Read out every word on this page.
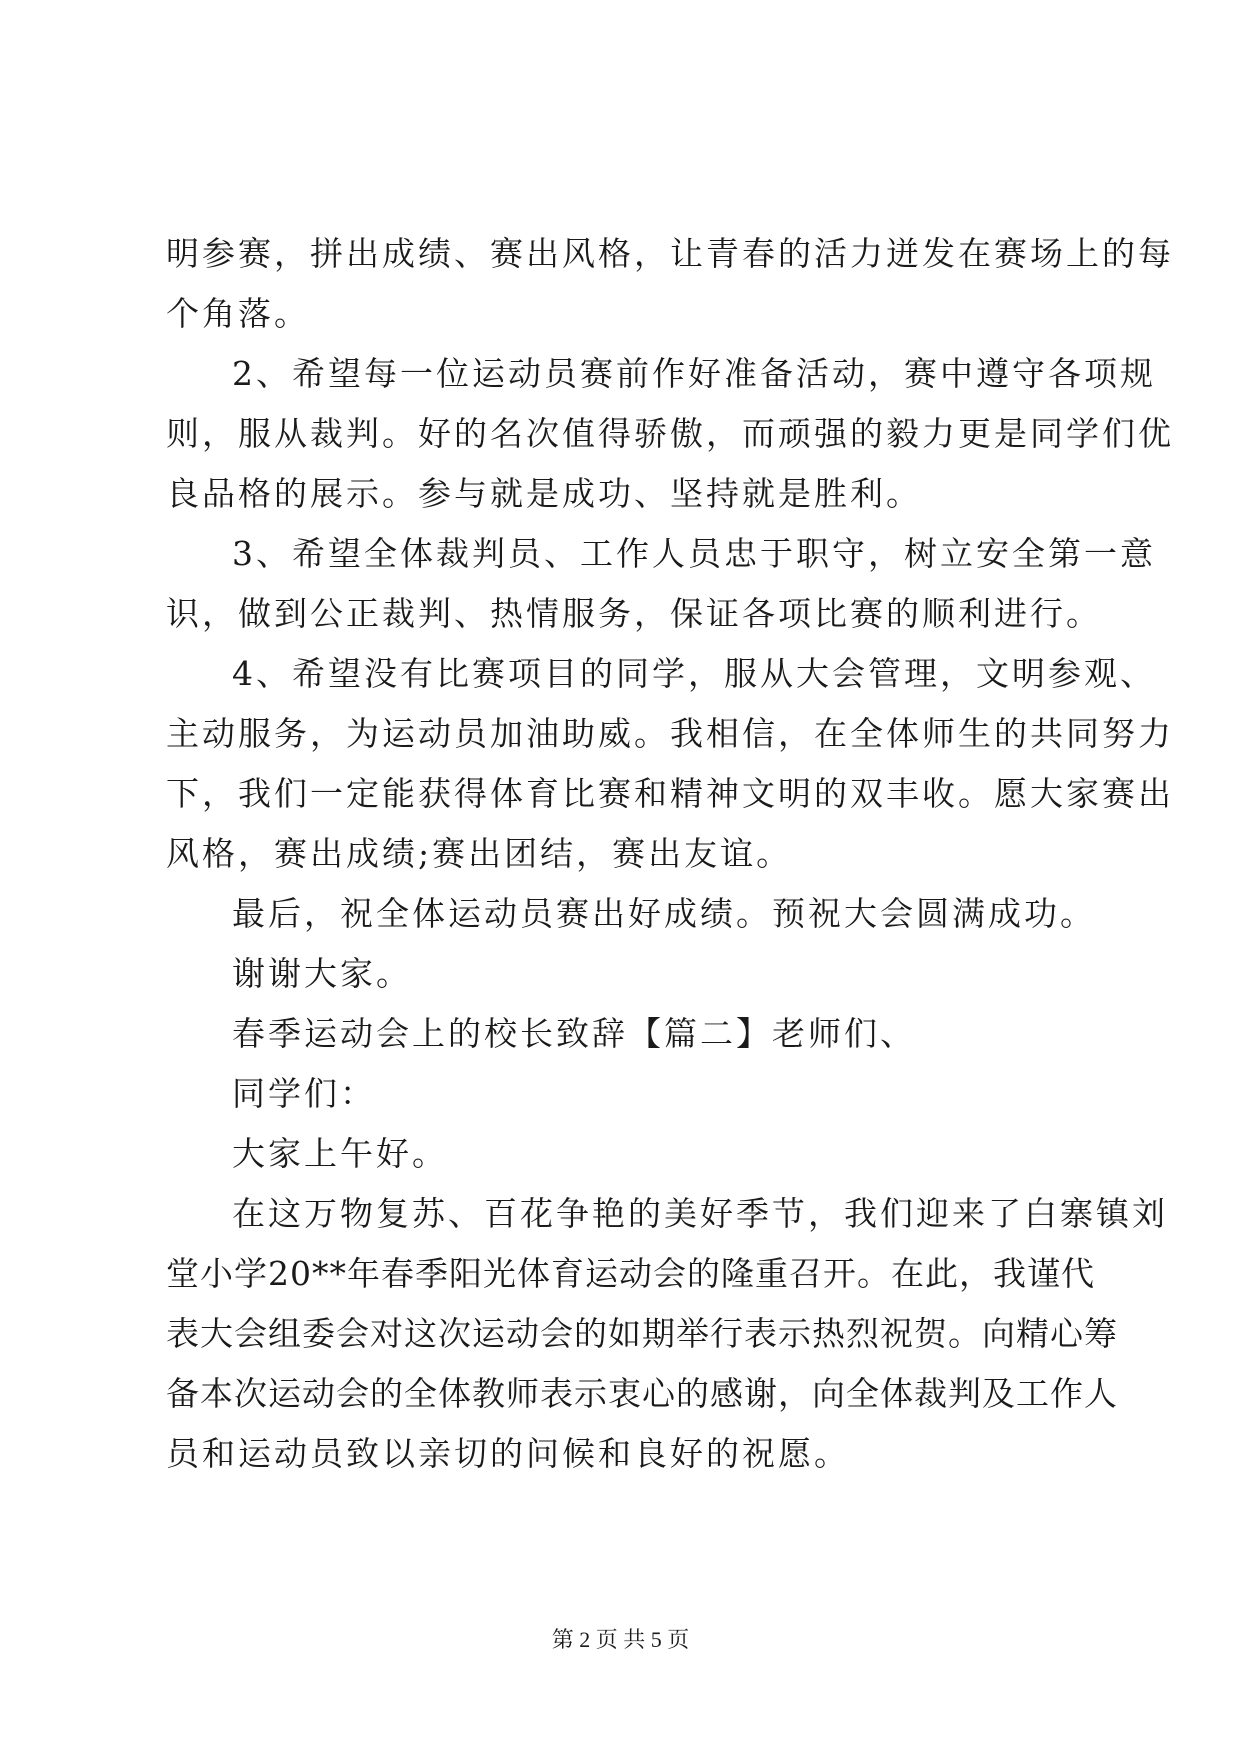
明参赛，拼出成绩、赛出风格，让青春的活力迸发在赛场上的每
个角落。
2、希望每一位运动员赛前作好准备活动，赛中遵守各项规
则，服从裁判。好的名次值得骄傲，而顽强的毅力更是同学们优
良品格的展示。参与就是成功、坚持就是胜利。
3、希望全体裁判员、工作人员忠于职守，树立安全第一意
识，做到公正裁判、热情服务，保证各项比赛的顺利进行。
4、希望没有比赛项目的同学，服从大会管理，文明参观、
主动服务，为运动员加油助威。我相信，在全体师生的共同努力
下，我们一定能获得体育比赛和精神文明的双丰收。愿大家赛出
风格，赛出成绩;赛出团结，赛出友谊。
最后，祝全体运动员赛出好成绩。预祝大会圆满成功。
谢谢大家。
春季运动会上的校长致辞【篇二】老师们、
同学们：
大家上午好。
在这万物复苏、百花争艳的美好季节，我们迎来了白寨镇刘
堂小学20**年春季阳光体育运动会的隆重召开。在此，我谨代
表大会组委会对这次运动会的如期举行表示热烈祝贺。向精心筹
备本次运动会的全体教师表示衷心的感谢，向全体裁判及工作人
员和运动员致以亲切的问候和良好的祝愿。
第 2 页 共 5 页
